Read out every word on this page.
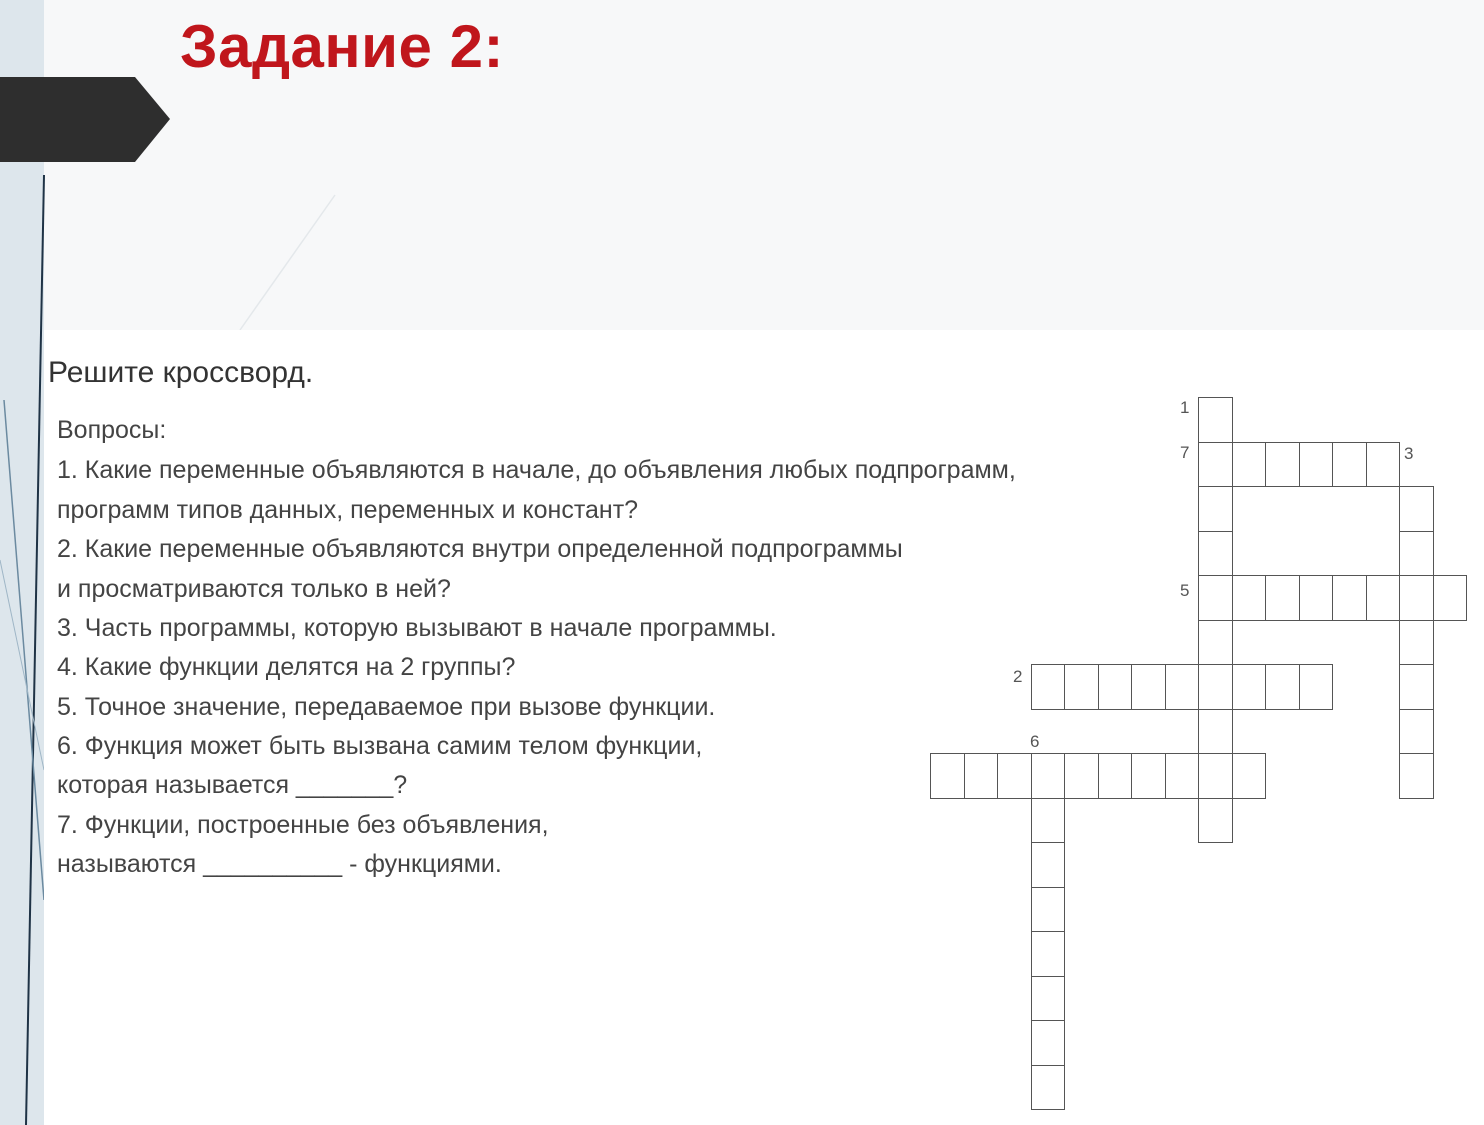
Задание 2:
Решите кроссворд.
Вопросы:
1. Какие переменные объявляются в начале, до объявления любых подпрограмм,
программ типов данных, переменных и констант?
2. Какие переменные объявляются внутри определенной подпрограммы
и просматриваются только в ней?
3. Часть программы, которую вызывают в начале программы.
4. Какие функции делятся на 2 группы?
5. Точное значение, передаваемое при вызове функции.
6. Функция может быть вызвана самим телом функции,
которая называется _______?
7. Функции, построенные без объявления,
называются __________ - функциями.
1
7	3
5
2
6
